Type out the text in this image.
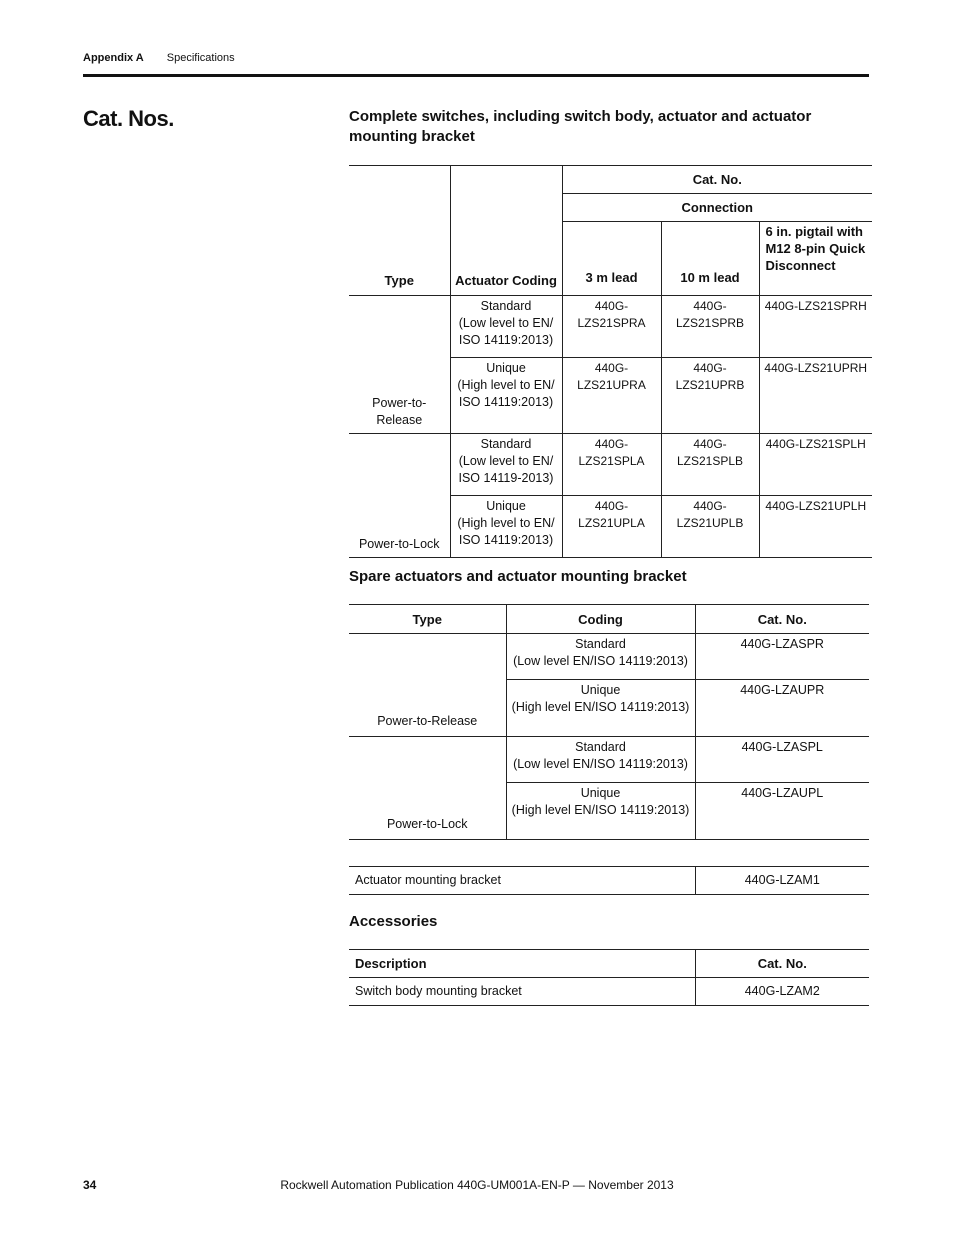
Appendix A Specifications
Cat. Nos.	Complete switches, including switch body, actuator and actuator mounting bracket
Type	Actuator Coding	Cat. No.		
		Connection		
		3 m lead	10 m lead	6 in. pigtail with M12 8-pin Quick Disconnect

Power-to-Release	Standard
(Low level to EN/
ISO 14119:2013)	440G-LZS21SPRA	440G-LZS21SPRB	440G-LZS21SPRH
	Unique
(High level to EN/
ISO 14119:2013)	440G-LZS21UPRA	440G-LZS21UPRB	440G-LZS21UPRH
Power-to-Lock	Standard
(Low level to EN/
ISO 14119-2013)	440G-LZS21SPLA	440G-LZS21SPLB	440G-LZS21SPLH
	Unique
(High level to EN/
ISO 14119:2013)	440G-LZS21UPLA	440G-LZS21UPLB	440G-LZS21UPLH
Spare actuators and actuator mounting bracket
Type	Coding	Cat. No.
Power-to-Release	Standard
(Low level EN/ISO 14119:2013)	440G-LZASPR
	Unique
(High level EN/ISO 14119:2013)	440G-LZAUPR
Power-to-Lock	Standard
(Low level EN/ISO 14119:2013)	440G-LZASPL
	Unique
(High level EN/ISO 14119:2013)	440G-LZAUPL
Actuator mounting bracket	440G-LZAM1
Accessories
Description	Cat. No.
Switch body mounting bracket	440G-LZAM2
Rockwell Automation Publication 440G-UM001A-EN-P — November 2013
34
